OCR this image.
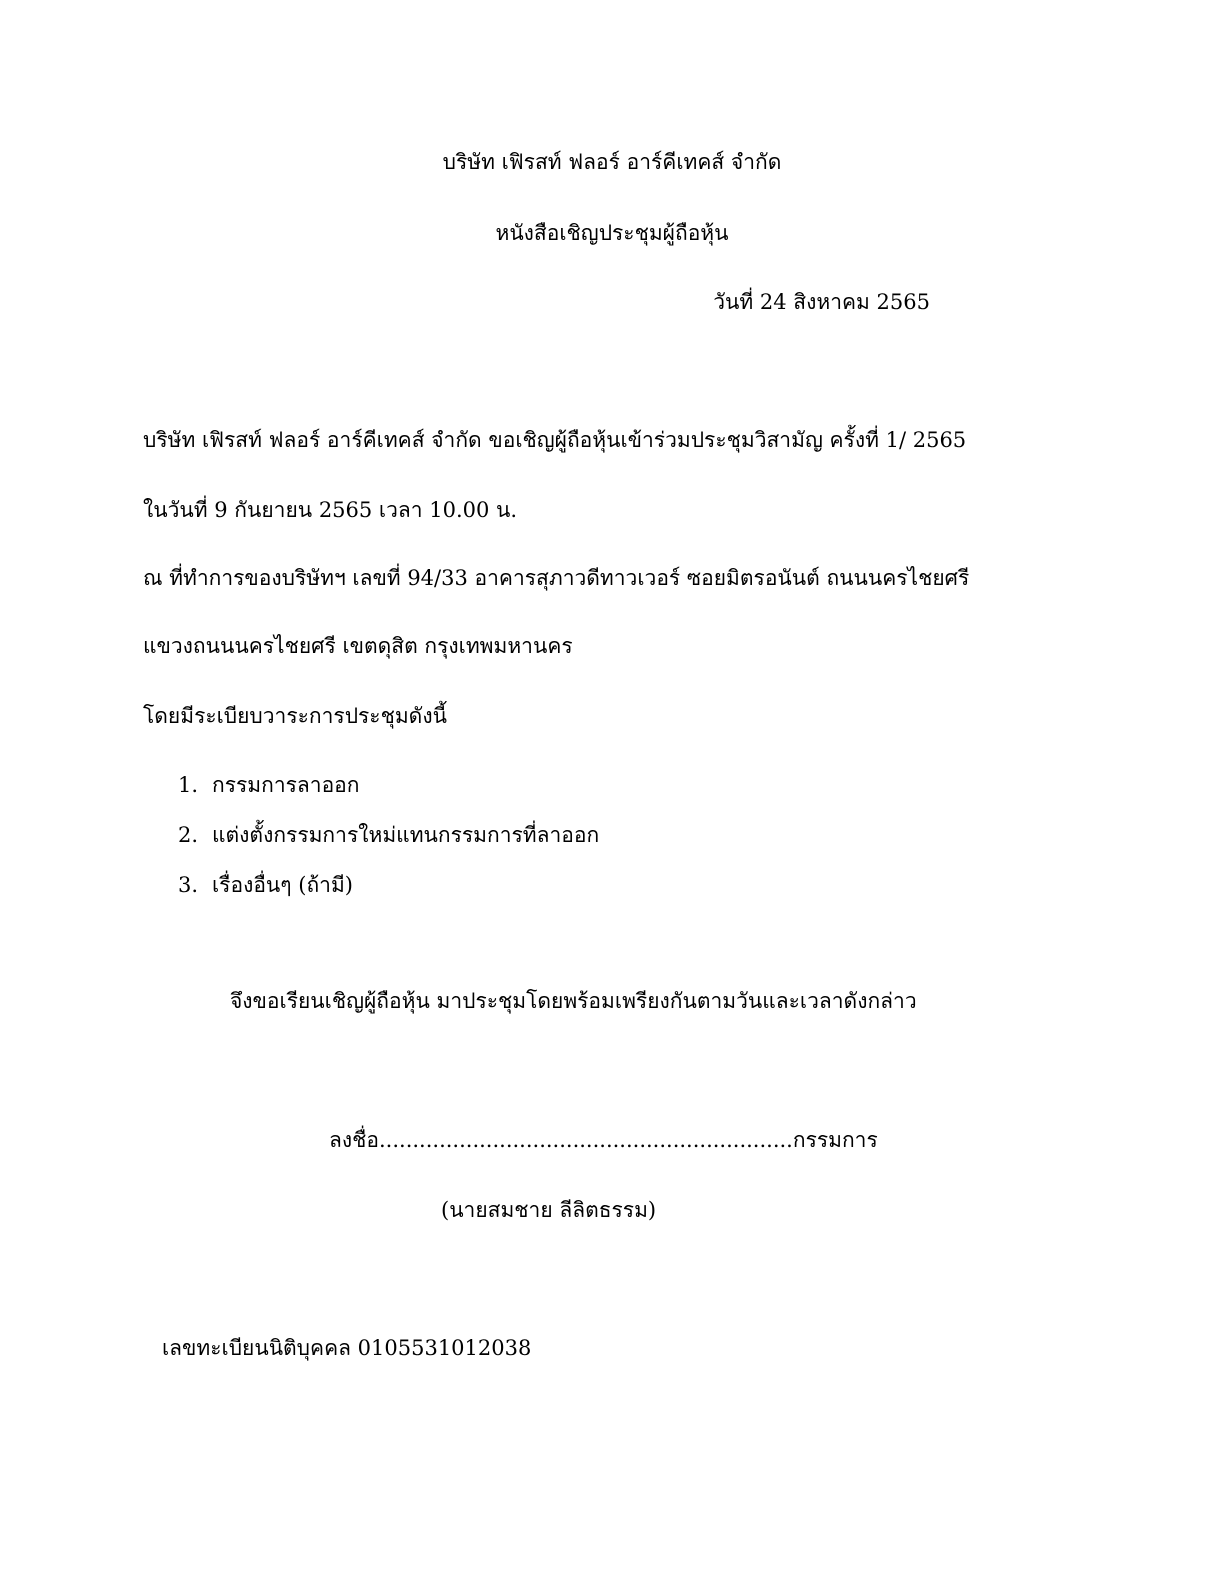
บริษัท เฟิรสท์ ฟลอร์ อาร์คีเทคส์ จำกัด
หนังสือเชิญประชุมผู้ถือหุ้น
วันที่ 24 สิงหาคม 2565
บริษัท เฟิรสท์ ฟลอร์ อาร์คีเทคส์ จำกัด ขอเชิญผู้ถือหุ้นเข้าร่วมประชุมวิสามัญ ครั้งที่ 1/ 2565
ในวันที่ 9 กันยายน 2565 เวลา 10.00 น.
ณ ที่ทำการของบริษัทฯ เลขที่ 94/33 อาคารสุภาวดีทาวเวอร์ ซอยมิตรอนันต์ ถนนนครไชยศรี
แขวงถนนนครไชยศรี เขตดุสิต กรุงเทพมหานคร
โดยมีระเบียบวาระการประชุมดังนี้
1. กรรมการลาออก
2. แต่งตั้งกรรมการใหม่แทนกรรมการที่ลาออก
3. เรื่องอื่นๆ (ถ้ามี)
จึงขอเรียนเชิญผู้ถือหุ้น มาประชุมโดยพร้อมเพรียงกันตามวันและเวลาดังกล่าว
ลงชื่อ..............................................................กรรมการ
(นายสมชาย ลีลิตธรรม)
เลขทะเบียนนิติบุคคล 0105531012038
